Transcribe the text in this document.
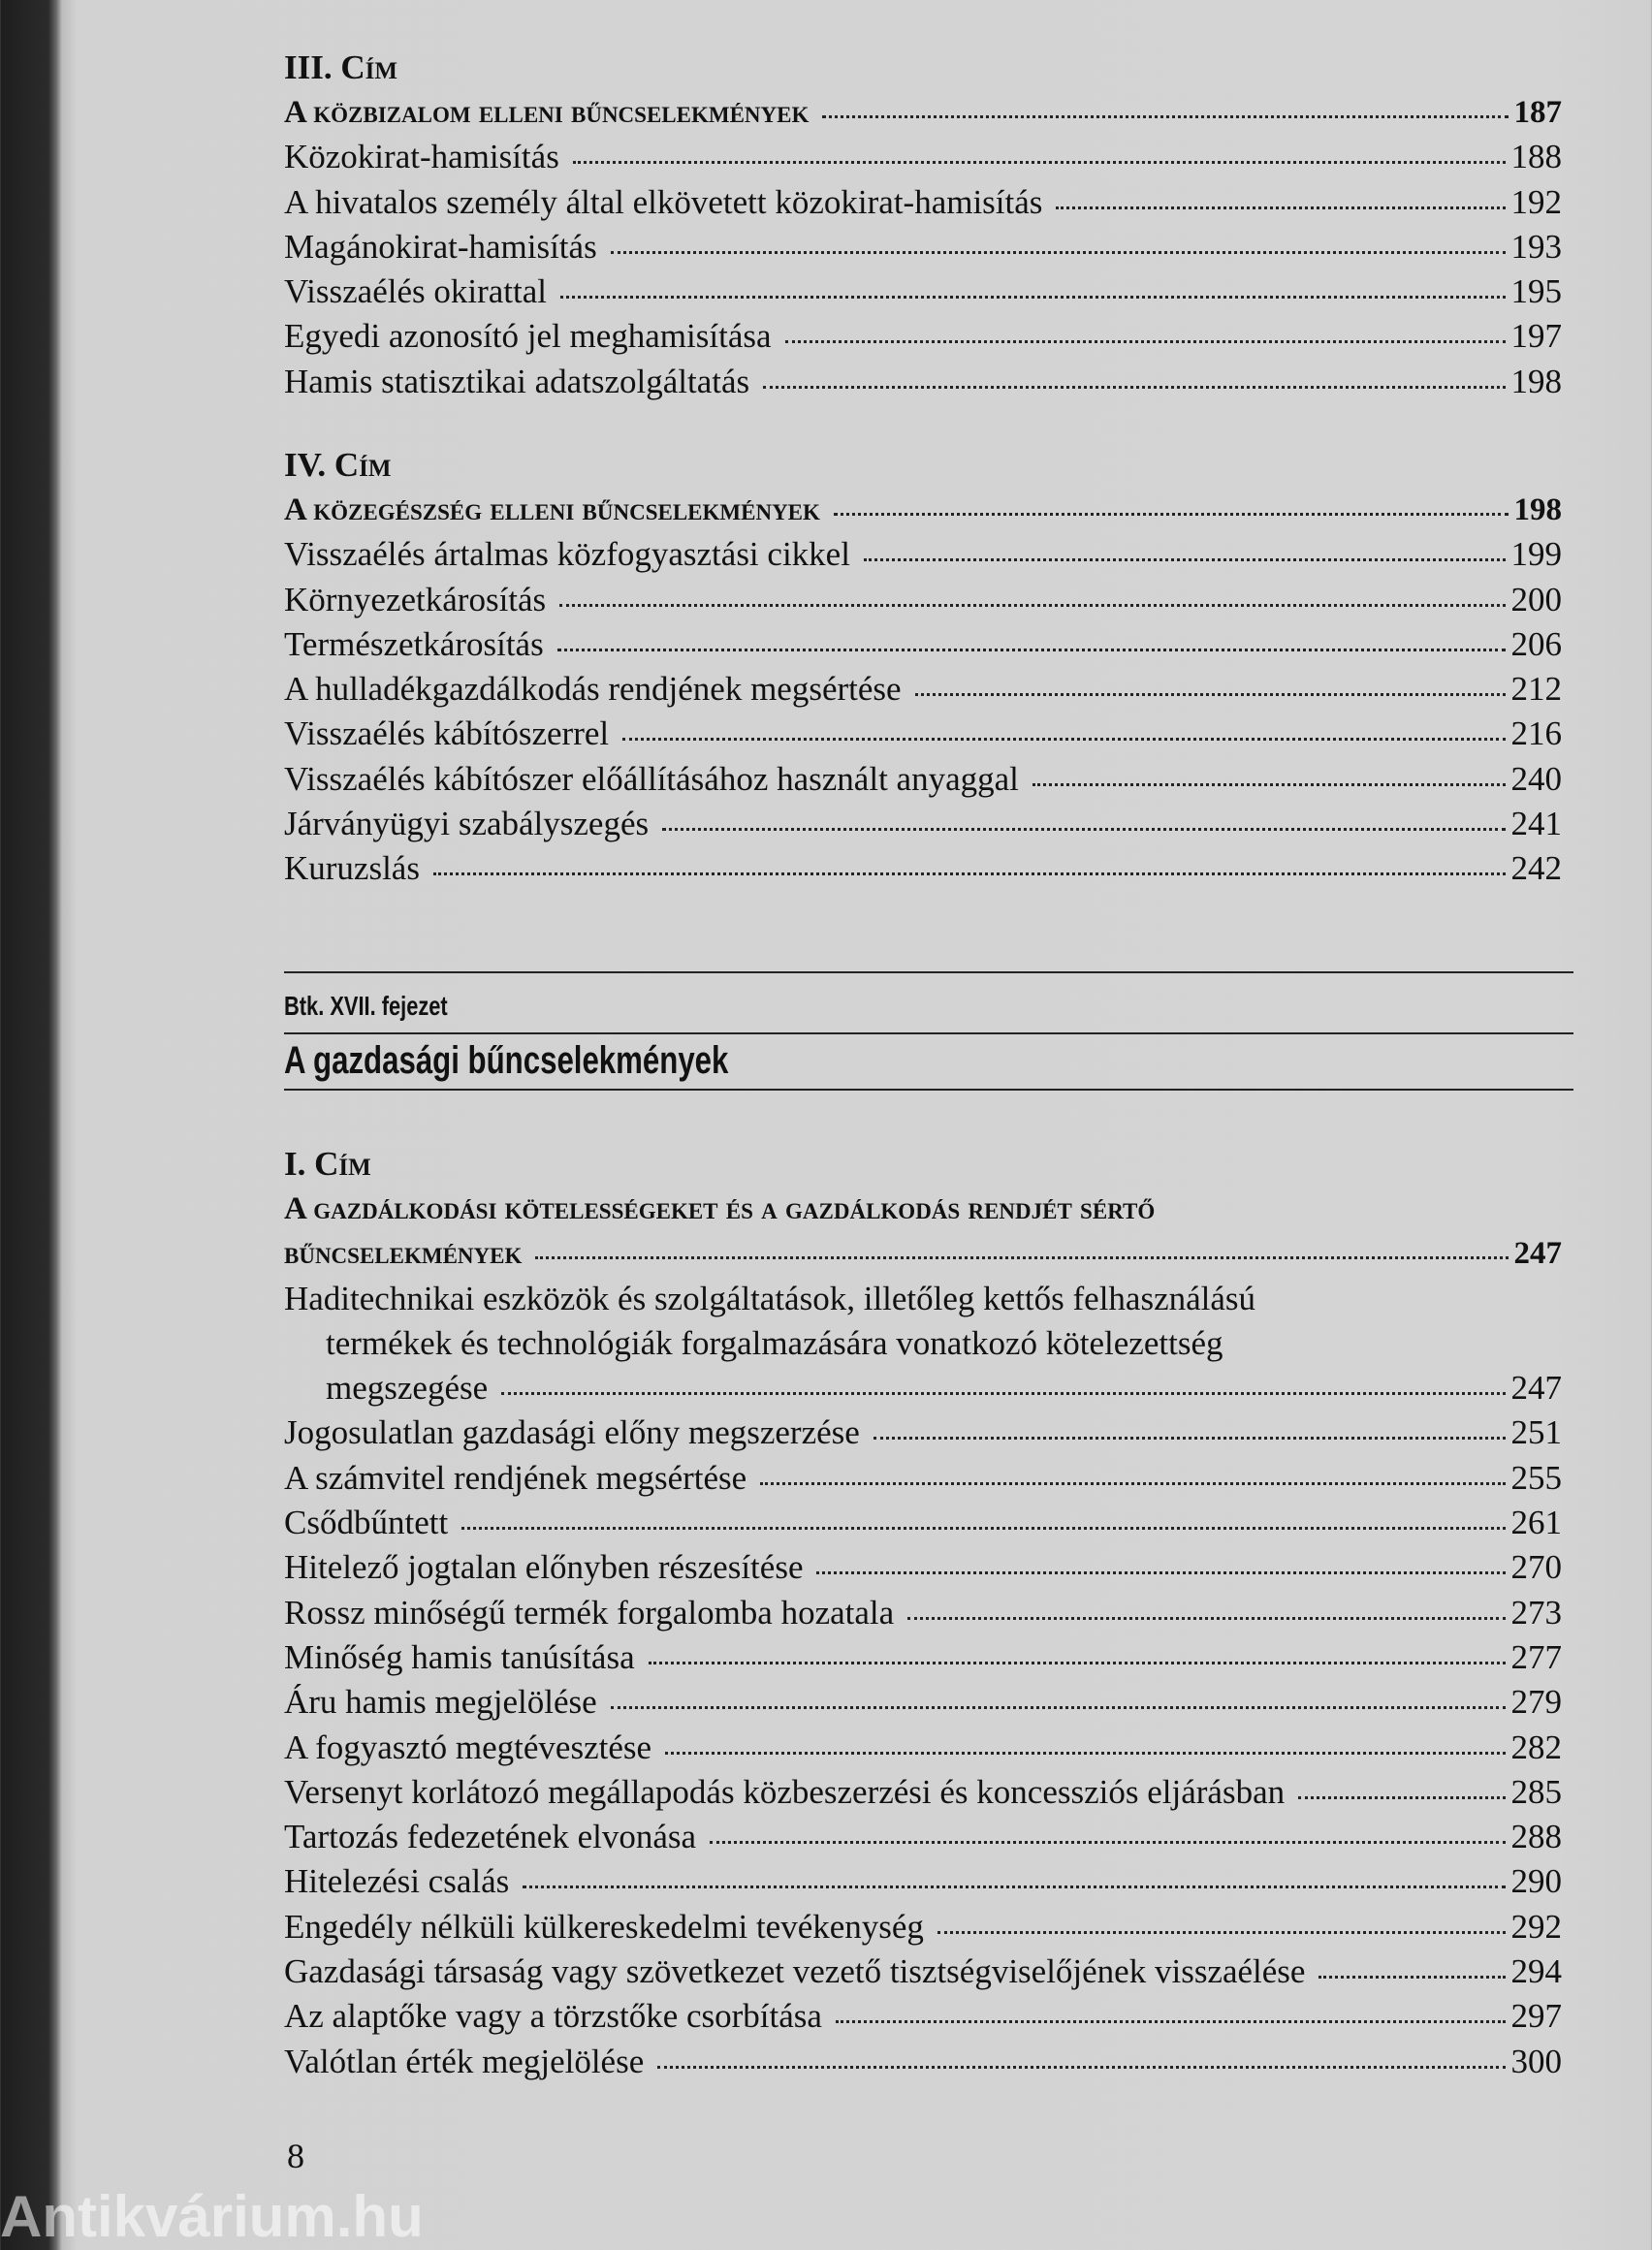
III. Cím
A közbizalom elleni bűncselekmények	187
Közokirat-hamisítás	188
A hivatalos személy által elkövetett közokirat-hamisítás	192
Magánokirat-hamisítás	193
Visszaélés okirattal	195
Egyedi azonosító jel meghamisítása	197
Hamis statisztikai adatszolgáltatás	198
IV. Cím
A közegészség elleni bűncselekmények	198
Visszaélés ártalmas közfogyasztási cikkel	199
Környezetkárosítás	200
Természetkárosítás	206
A hulladékgazdálkodás rendjének megsértése	212
Visszaélés kábítószerrel	216
Visszaélés kábítószer előállításához használt anyaggal	240
Járványügyi szabályszegés	241
Kuruzslás	242
Btk. XVII. fejezet
A gazdasági bűncselekmények
I. Cím
A gazdálkodási kötelességeket és a gazdálkodás rendjét sértő
bűncselekmények	247
Haditechnikai eszközök és szolgáltatások, illetőleg kettős felhasználású
termékek és technológiák forgalmazására vonatkozó kötelezettség
megszegése	247
Jogosulatlan gazdasági előny megszerzése	251
A számvitel rendjének megsértése	255
Csődbűntett	261
Hitelező jogtalan előnyben részesítése	270
Rossz minőségű termék forgalomba hozatala	273
Minőség hamis tanúsítása	277
Áru hamis megjelölése	279
A fogyasztó megtévesztése	282
Versenyt korlátozó megállapodás közbeszerzési és koncessziós eljárásban	285
Tartozás fedezetének elvonása	288
Hitelezési csalás	290
Engedély nélküli külkereskedelmi tevékenység	292
Gazdasági társaság vagy szövetkezet vezető tisztségviselőjének visszaélése	294
Az alaptőke vagy a törzstőke csorbítása	297
Valótlan érték megjelölése	300
8
Antikvárium.hu
